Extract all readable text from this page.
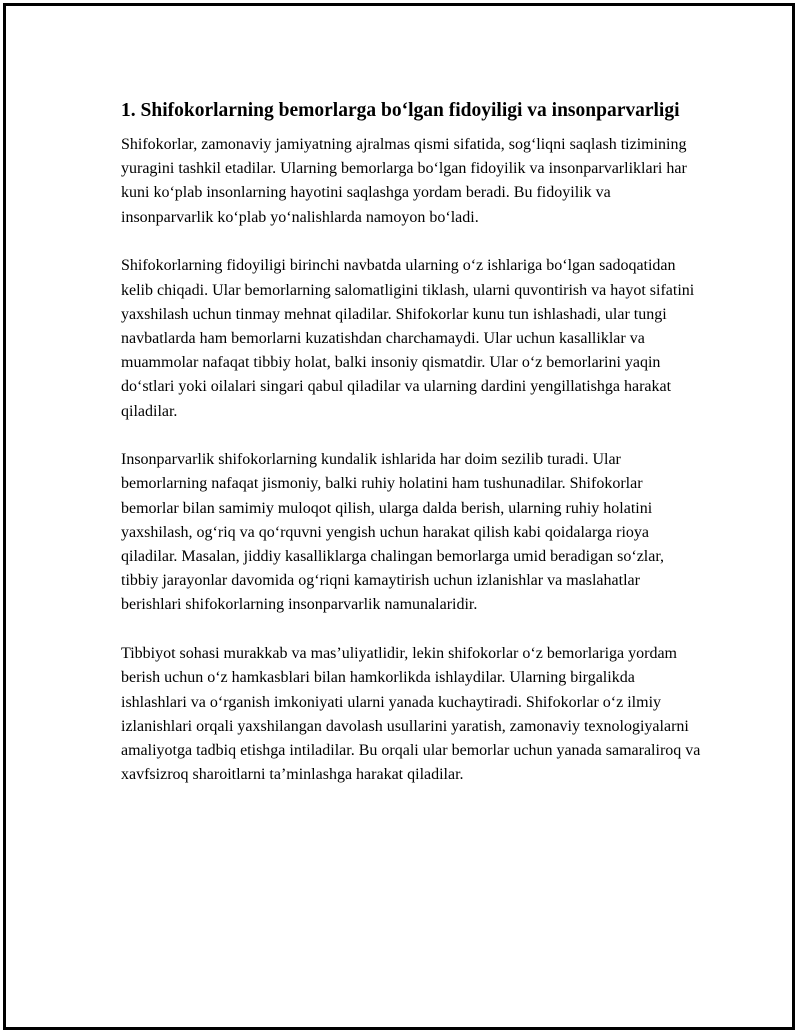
1. Shifokorlarning bemorlarga bo‘lgan fidoyiligi va insonparvarligi

Shifokorlar, zamonaviy jamiyatning ajralmas qismi sifatida, sog‘liqni saqlash tizimining yuragini tashkil etadilar. Ularning bemorlarga bo‘lgan fidoyilik va insonparvarliklari har kuni ko‘plab insonlarning hayotini saqlashga yordam beradi. Bu fidoyilik va insonparvarlik ko‘plab yo‘nalishlarda namoyon bo‘ladi.

Shifokorlarning fidoyiligi birinchi navbatda ularning o‘z ishlariga bo‘lgan sadoqatidan kelib chiqadi. Ular bemorlarning salomatligini tiklash, ularni quvontirish va hayot sifatini yaxshilash uchun tinmay mehnat qiladilar. Shifokorlar kunu tun ishlashadi, ular tungi navbatlarda ham bemorlarni kuzatishdan charchamaydi. Ular uchun kasalliklar va muammolar nafaqat tibbiy holat, balki insoniy qismatdir. Ular o‘z bemorlarini yaqin do‘stlari yoki oilalari singari qabul qiladilar va ularning dardini yengillatishga harakat qiladilar.

Insonparvarlik shifokorlarning kundalik ishlarida har doim sezilib turadi. Ular bemorlarning nafaqat jismoniy, balki ruhiy holatini ham tushunadilar. Shifokorlar bemorlar bilan samimiy muloqot qilish, ularga dalda berish, ularning ruhiy holatini yaxshilash, og‘riq va qo‘rquvni yengish uchun harakat qilish kabi qoidalarga rioya qiladilar. Masalan, jiddiy kasalliklarga chalingan bemorlarga umid beradigan so‘zlar, tibbiy jarayonlar davomida og‘riqni kamaytirish uchun izlanishlar va maslahatlar berishlari shifokorlarning insonparvarlik namunalaridir.

Tibbiyot sohasi murakkab va mas’uliyatlidir, lekin shifokorlar o‘z bemorlariga yordam berish uchun o‘z hamkasblari bilan hamkorlikda ishlaydilar. Ularning birgalikda ishlashlari va o‘rganish imkoniyati ularni yanada kuchaytiradi. Shifokorlar o‘z ilmiy izlanishlari orqali yaxshilangan davolash usullarini yaratish, zamonaviy texnologiyalarni amaliyotga tadbiq etishga intiladilar. Bu orqali ular bemorlar uchun yanada samaraliroq va xavfsizroq sharoitlarni ta’minlashga harakat qiladilar.
